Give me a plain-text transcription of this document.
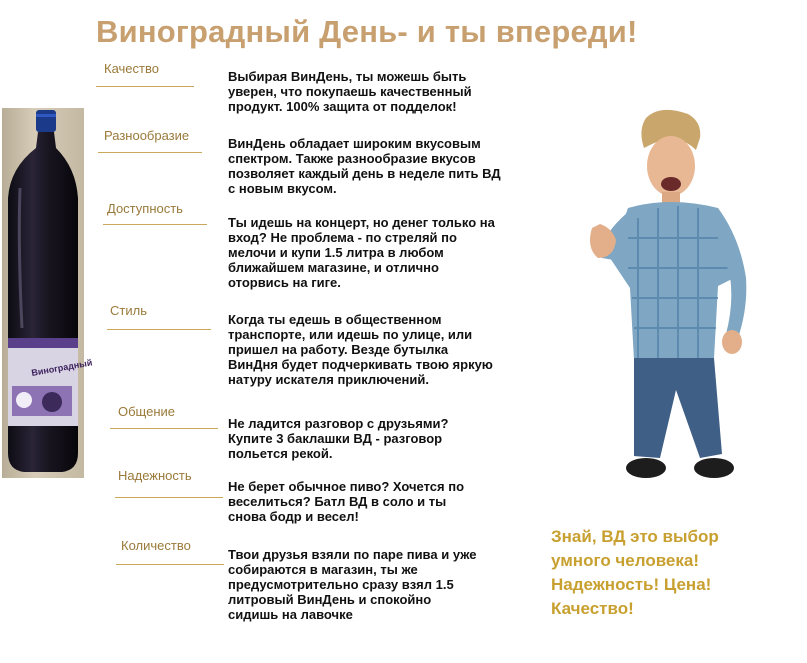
Виноградный День- и ты впереди!
Качество
Разнообразие
Доступность
Стиль
Общение
Надежность
Количество
Выбирая ВинДень, ты можешь быть уверен, что покупаешь качественный продукт. 100% защита от подделок!
ВинДень обладает широким вкусовым спектром. Также разнообразие вкусов позволяет каждый день в неделе пить ВД с новым вкусом.
Ты идешь на концерт, но денег только на вход? Не проблема - по стреляй по мелочи и купи 1.5 литра в любом ближайшем магазине, и отлично оторвись на гиге.
Когда ты едешь в общественном транспорте, или идешь по улице, или пришел на работу. Везде бутылка ВинДня будет подчеркивать твою яркую натуру искателя приключений.
Не ладится разговор с друзьями? Купите 3 баклашки ВД - разговор польется рекой.
Не берет обычное пиво? Хочется по веселиться? Батл ВД в соло и ты снова бодр и весел!
Твои друзья взяли по паре пива и уже собираются в магазин, ты же предусмотрительно сразу взял 1.5 литровый ВинДень и спокойно сидишь на лавочке
Знай, ВД это выбор
умного человека!
Надежность! Цена!
Качество!
Виноградный
